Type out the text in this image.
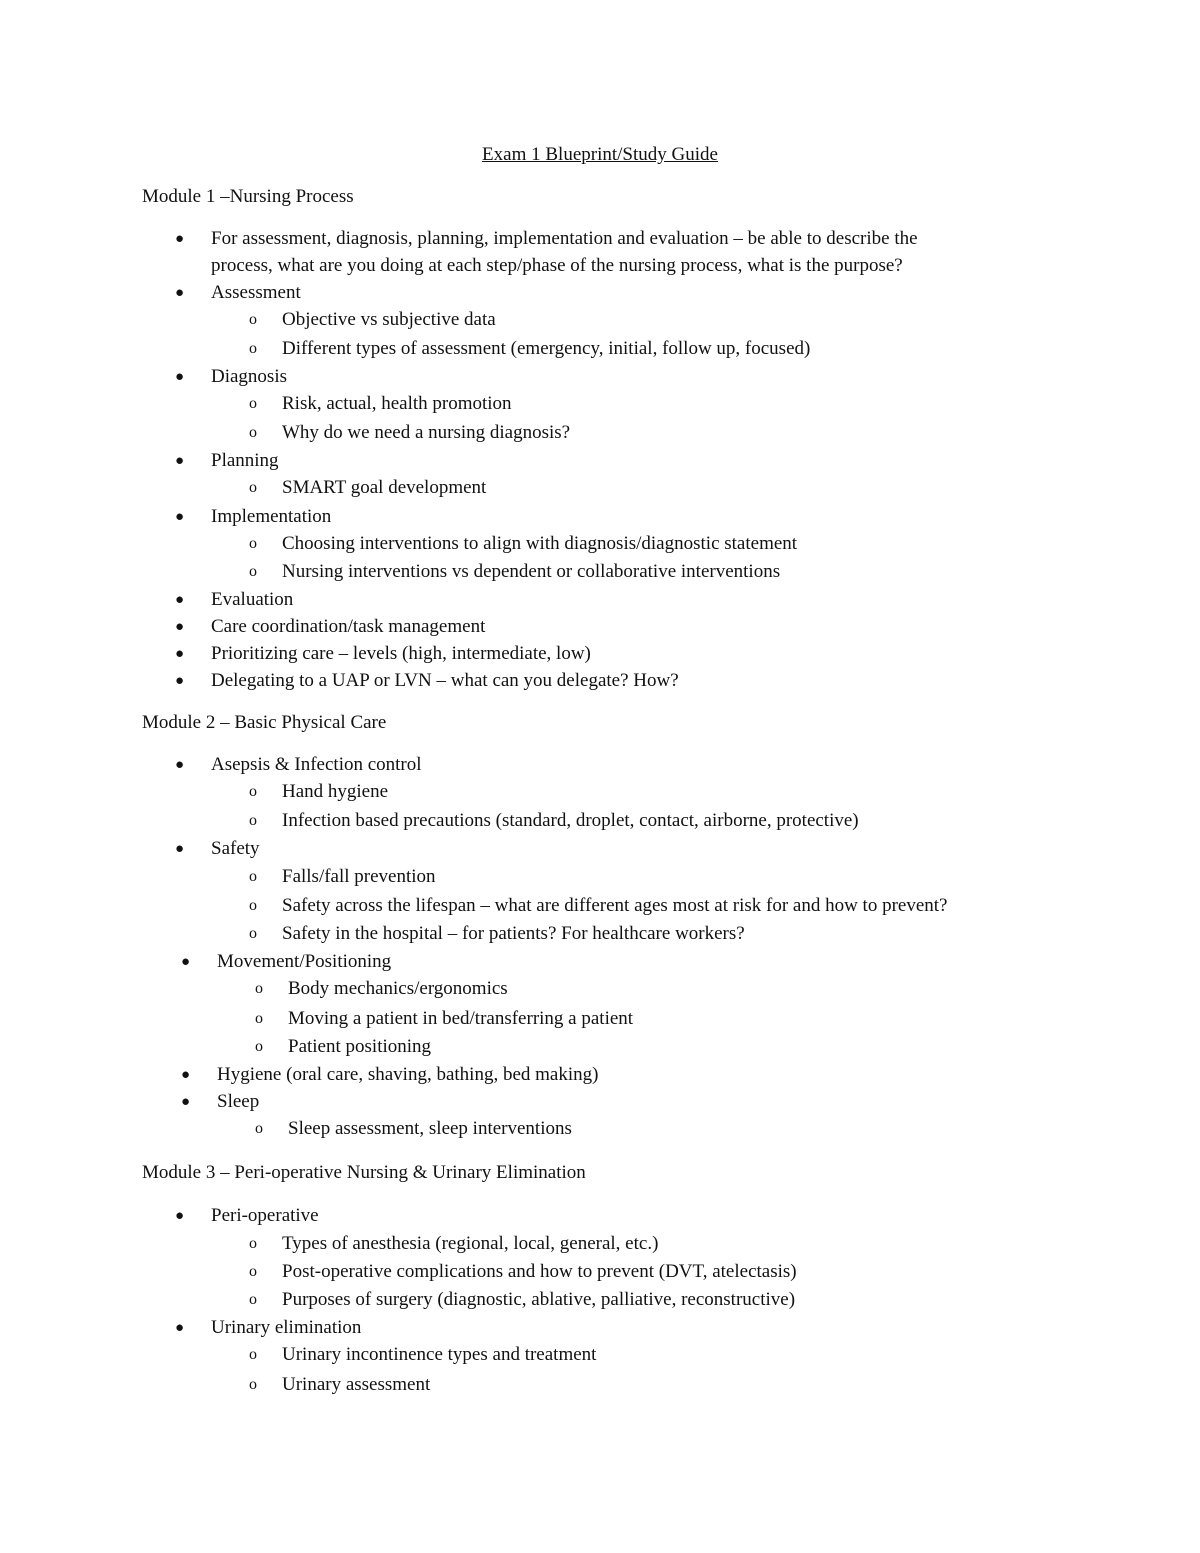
Exam 1 Blueprint/Study Guide
Module 1 –Nursing Process
● For assessment, diagnosis, planning, implementation and evaluation – be able to describe the
process, what are you doing at each step/phase of the nursing process, what is the purpose?
● Assessment
o Objective vs subjective data
o Different types of assessment (emergency, initial, follow up, focused)
● Diagnosis
o Risk, actual, health promotion
o Why do we need a nursing diagnosis?
● Planning
o SMART goal development
● Implementation
o Choosing interventions to align with diagnosis/diagnostic statement
o Nursing interventions vs dependent or collaborative interventions
● Evaluation
● Care coordination/task management
● Prioritizing care – levels (high, intermediate, low)
● Delegating to a UAP or LVN – what can you delegate? How?
Module 2 – Basic Physical Care
● Asepsis & Infection control
o Hand hygiene
o Infection based precautions (standard, droplet, contact, airborne, protective)
● Safety
o Falls/fall prevention
o Safety across the lifespan – what are different ages most at risk for and how to prevent?
o Safety in the hospital – for patients? For healthcare workers?
● Movement/Positioning
o Body mechanics/ergonomics
o Moving a patient in bed/transferring a patient
o Patient positioning
● Hygiene (oral care, shaving, bathing, bed making)
● Sleep
o Sleep assessment, sleep interventions
Module 3 – Peri-operative Nursing & Urinary Elimination
● Peri-operative
o Types of anesthesia (regional, local, general, etc.)
o Post-operative complications and how to prevent (DVT, atelectasis)
o Purposes of surgery (diagnostic, ablative, palliative, reconstructive)
● Urinary elimination
o Urinary incontinence types and treatment
o Urinary assessment
